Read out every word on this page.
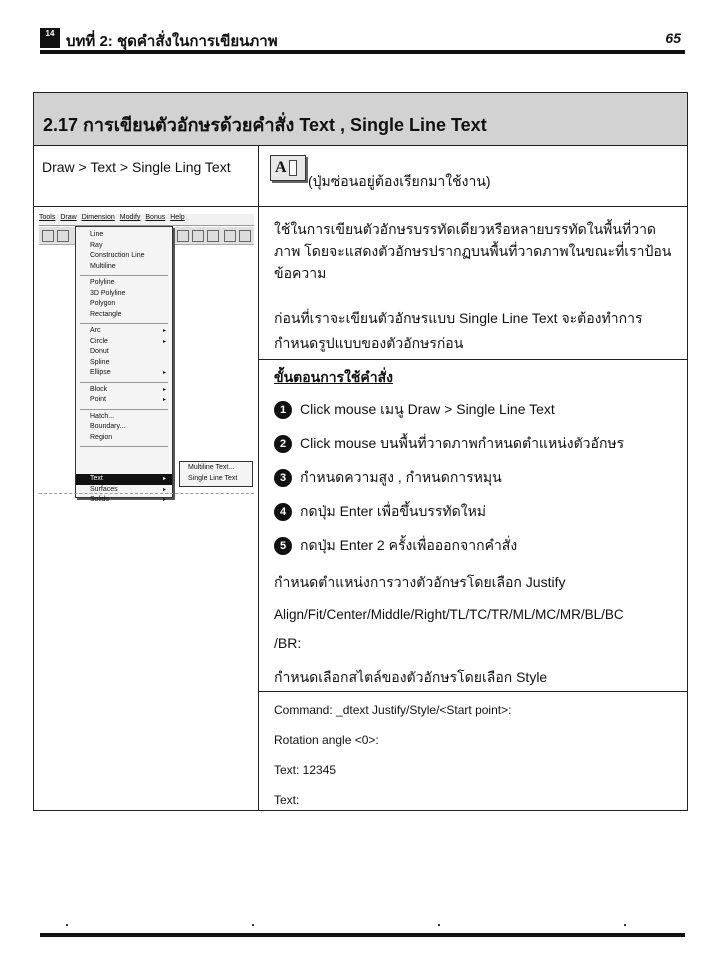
14 บทที่ 2: ชุดคำสั่งในการเขียนภาพ	65
2.17 การเขียนตัวอักษรด้วยคำสั่ง Text , Single Line Text
Draw > Text > Single Ling Text	A
(ปุ่มซ่อนอยู่ต้องเรียกมาใช้งาน)
Tools Draw Dimension Modify Bonus Help
Line
Ray
Construction Line
Multiline
Polyline
3D Polyline
Polygon
Rectangle
Arc	▸
Circle	▸
Donut
Spline
Ellipse	▸
Block	▸
Point	▸
Hatch...
Boundary...
Region
Text	▸
Surfaces	▸
Solids	▸
Multiline Text...
Single Line Text
ใช้ในการเขียนตัวอักษรบรรทัดเดียวหรือหลายบรรทัดในพื้นที่วาดภาพ โดยจะแสดงตัวอักษรปรากฏบนพื้นที่วาดภาพในขณะที่เราป้อนข้อความ
ก่อนที่เราจะเขียนตัวอักษรแบบ Single Line Text จะต้องทำการกำหนดรูปแบบของตัวอักษรก่อน
ขั้นตอนการใช้คำสั่ง
1 Click mouse เมนู Draw > Single Line Text
2 Click mouse บนพื้นที่วาดภาพกำหนดตำแหน่งตัวอักษร
3 กำหนดความสูง , กำหนดการหมุน
4 กดปุ่ม Enter เพื่อขึ้นบรรทัดใหม่
5 กดปุ่ม Enter 2 ครั้งเพื่อออกจากคำสั่ง
กำหนดตำแหน่งการวางตัวอักษรโดยเลือก Justify
Align/Fit/Center/Middle/Right/TL/TC/TR/ML/MC/MR/BL/BC
/BR:
กำหนดเลือกสไตล์ของตัวอักษรโดยเลือก Style
Command: _dtext Justify/Style/<Start point>:
Rotation angle <0>:
Text: 12345
Text:
